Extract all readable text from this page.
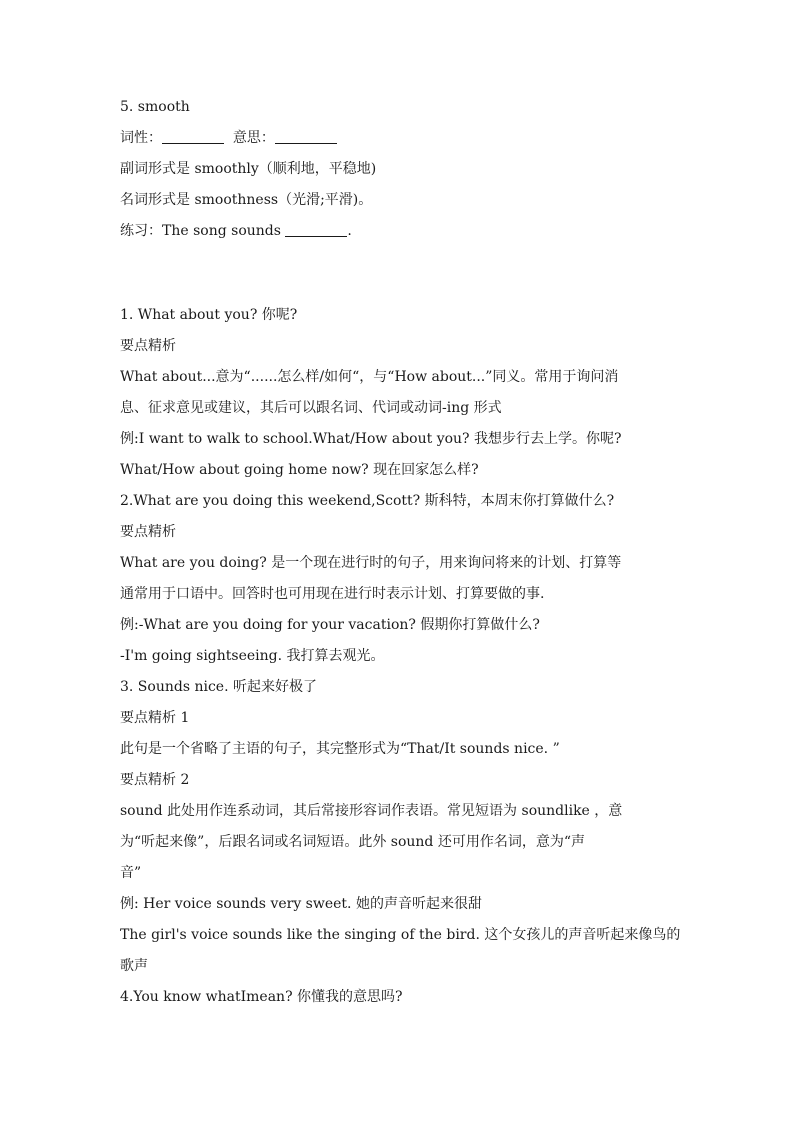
5. smooth
词性：	意思：
副词形式是 smoothly（顺利地，平稳地)
名词形式是 smoothness（光滑;平滑)。
练习：The song sounds	.
1. What about you? 你呢?
要点精析
What about...意为“......怎么样/如何“，与“How about...”同义。常用于询问消
息、征求意见或建议，其后可以跟名词、代词或动词-ing 形式
例:I want to walk to school.What/How about you? 我想步行去上学。你呢?
What/How about going home now? 现在回家怎么样?
2.What are you doing this weekend,Scott? 斯科特，本周末你打算做什么?
要点精析
What are you doing? 是一个现在进行时的句子，用来询问将来的计划、打算等
通常用于口语中。回答时也可用现在进行时表示计划、打算要做的事.
例:-What are you doing for your vacation? 假期你打算做什么?
-I'm going sightseeing. 我打算去观光。
3. Sounds nice. 听起来好极了
要点精析 1
此句是一个省略了主语的句子，其完整形式为“That/It sounds nice. ”
要点精析 2
sound 此处用作连系动词，其后常接形容词作表语。常见短语为 soundlike ，意
为“听起来像”，后跟名词或名词短语。此外 sound 还可用作名词，意为“声
音”
例: Her voice sounds very sweet. 她的声音听起来很甜
The girl's voice sounds like the singing of the bird. 这个女孩儿的声音听起来像鸟的
歌声
4.You know whatImean? 你懂我的意思吗?
